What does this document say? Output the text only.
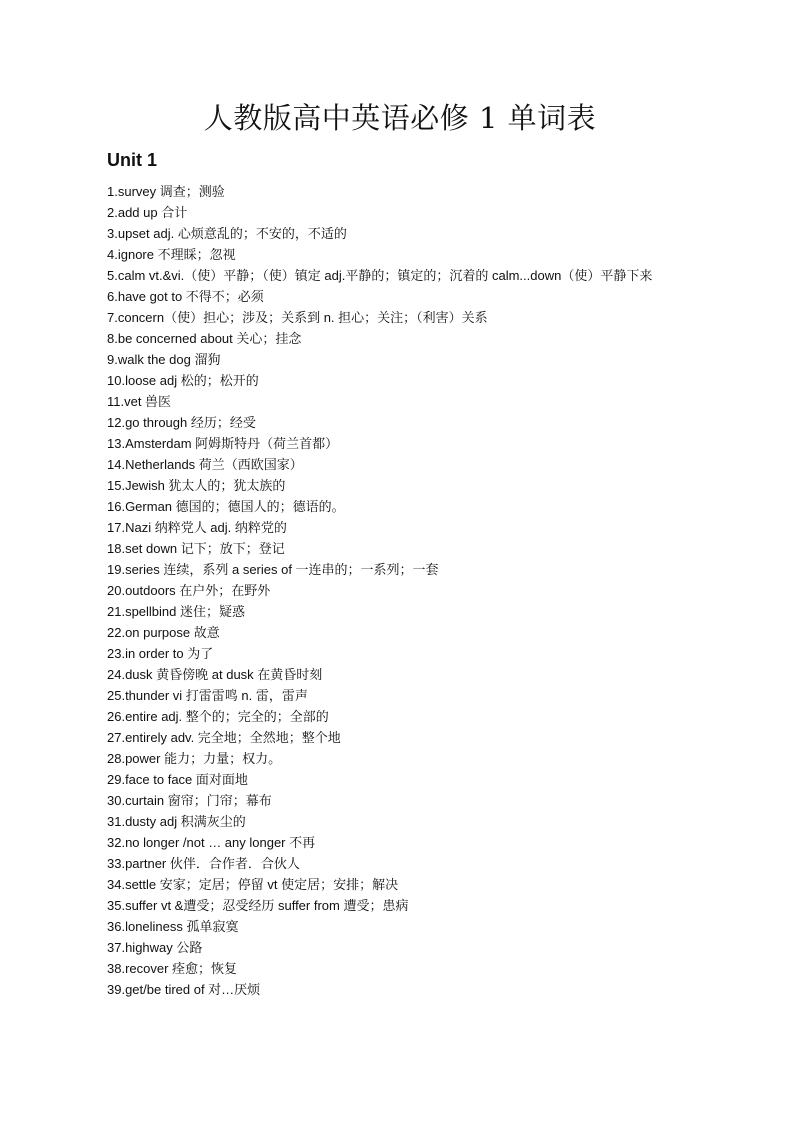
人教版高中英语必修 1 单词表
Unit 1
1.survey 调查；测验
2.add up 合计
3.upset adj. 心烦意乱的；不安的，不适的
4.ignore 不理睬；忽视
5.calm vt.&vi.（使）平静；（使）镇定 adj.平静的；镇定的；沉着的 calm...down（使）平静下来
6.have got to 不得不；必须
7.concern（使）担心；涉及；关系到 n. 担心；关注；（利害）关系
8.be concerned about 关心；挂念
9.walk the dog 溜狗
10.loose adj 松的；松开的
11.vet 兽医
12.go through 经历；经受
13.Amsterdam 阿姆斯特丹（荷兰首都）
14.Netherlands 荷兰（西欧国家）
15.Jewish 犹太人的；犹太族的
16.German 德国的；德国人的；德语的。
17.Nazi 纳粹党人 adj. 纳粹党的
18.set down 记下；放下；登记
19.series 连续，系列 a series of 一连串的；一系列；一套
20.outdoors 在户外；在野外
21.spellbind 迷住；疑惑
22.on purpose 故意
23.in order to 为了
24.dusk 黄昏傍晚 at dusk 在黄昏时刻
25.thunder vi 打雷雷鸣 n. 雷，雷声
26.entire adj. 整个的；完全的；全部的
27.entirely adv. 完全地；全然地；整个地
28.power 能力；力量；权力。
29.face to face 面对面地
30.curtain 窗帘；门帘；幕布
31.dusty adj 积满灰尘的
32.no longer /not … any longer 不再
33.partner 伙伴．合作者．合伙人
34.settle 安家；定居；停留 vt 使定居；安排；解决
35.suffer vt &遭受；忍受经历 suffer from 遭受；患病
36.loneliness 孤单寂寞
37.highway 公路
38.recover 痊愈；恢复
39.get/be tired of 对…厌烦
